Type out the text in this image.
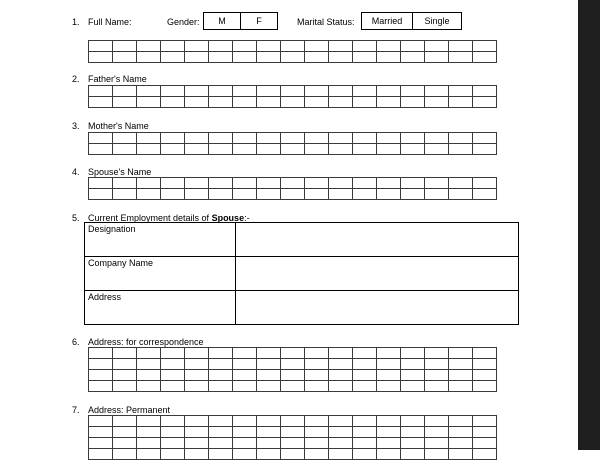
1. Full Name:	Gender: M	F	Marital Status: Married	Single

2. Father's Name

3. Mother's Name

4. Spouse's Name

5. Current Employment details of Spouse:-
Designation	
Company Name	
Address	
6. Address: for correspondence

7. Address: Permanent
